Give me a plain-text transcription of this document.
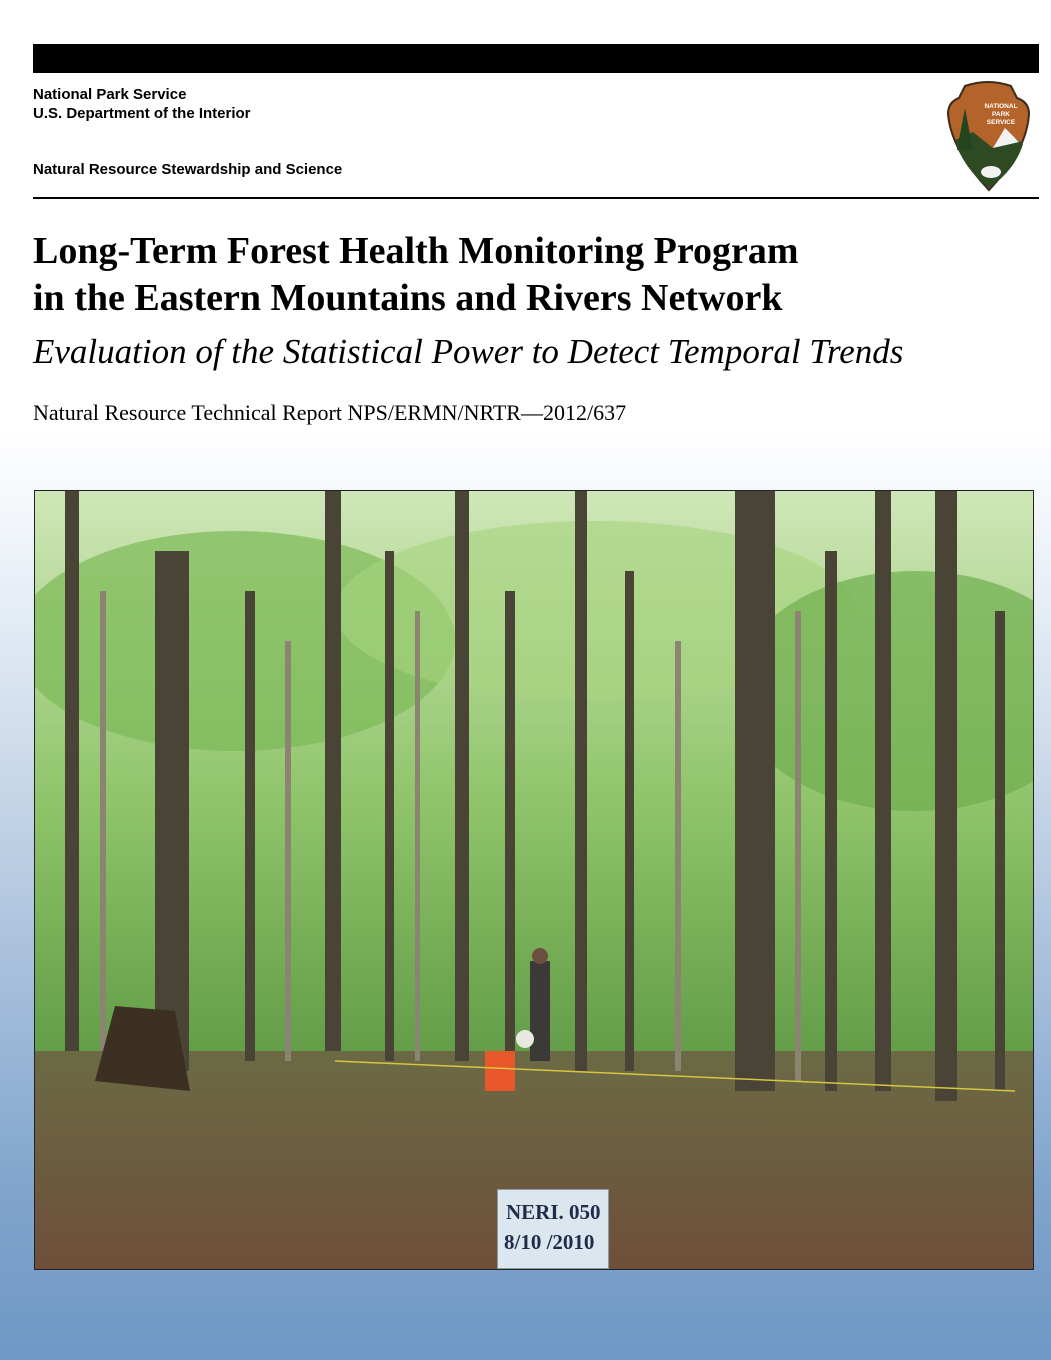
National Park Service
U.S. Department of the Interior
Natural Resource Stewardship and Science
NATIONAL
PARK
SERVICE
Long-Term Forest Health Monitoring Program
in the Eastern Mountains and Rivers Network
Evaluation of the Statistical Power to Detect Temporal Trends
Natural Resource Technical Report NPS/ERMN/NRTR—2012/637
NERI. 050
8/10 /2010
